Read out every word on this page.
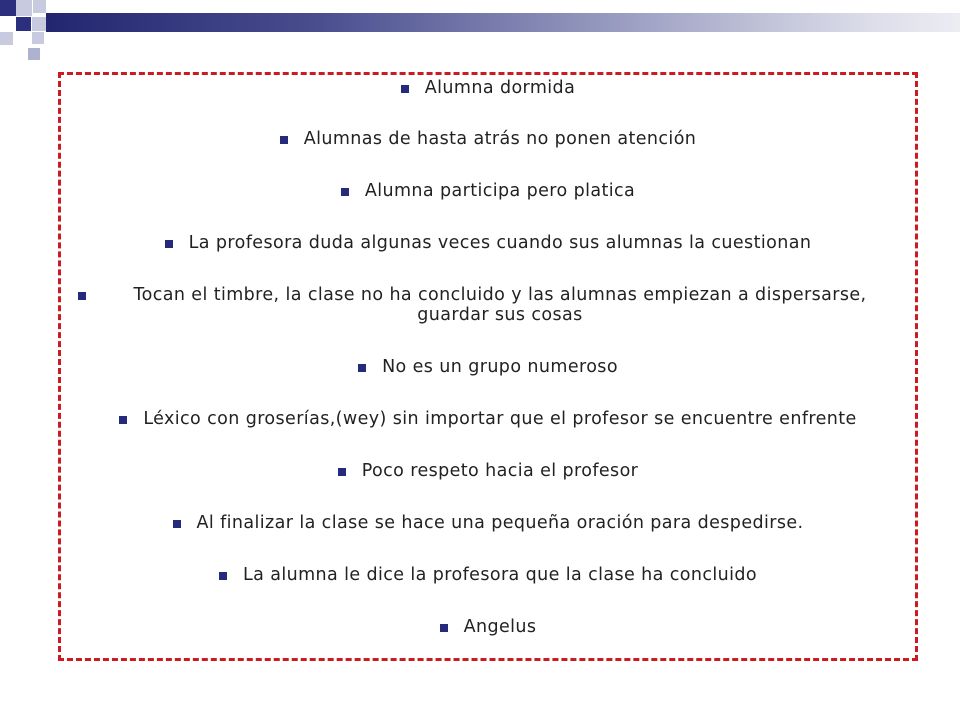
Alumna dormida
Alumnas de hasta atrás no ponen atención
Alumna participa pero platica
La profesora duda algunas veces cuando sus alumnas la cuestionan
Tocan el timbre, la clase no ha concluido y las alumnas empiezan a dispersarse, guardar sus cosas
No es un grupo numeroso
Léxico con groserías,(wey) sin importar que el profesor se encuentre enfrente
Poco respeto hacia el profesor
Al finalizar la clase se hace una pequeña oración para despedirse.
La alumna le dice la profesora que la clase ha concluido
Angelus
